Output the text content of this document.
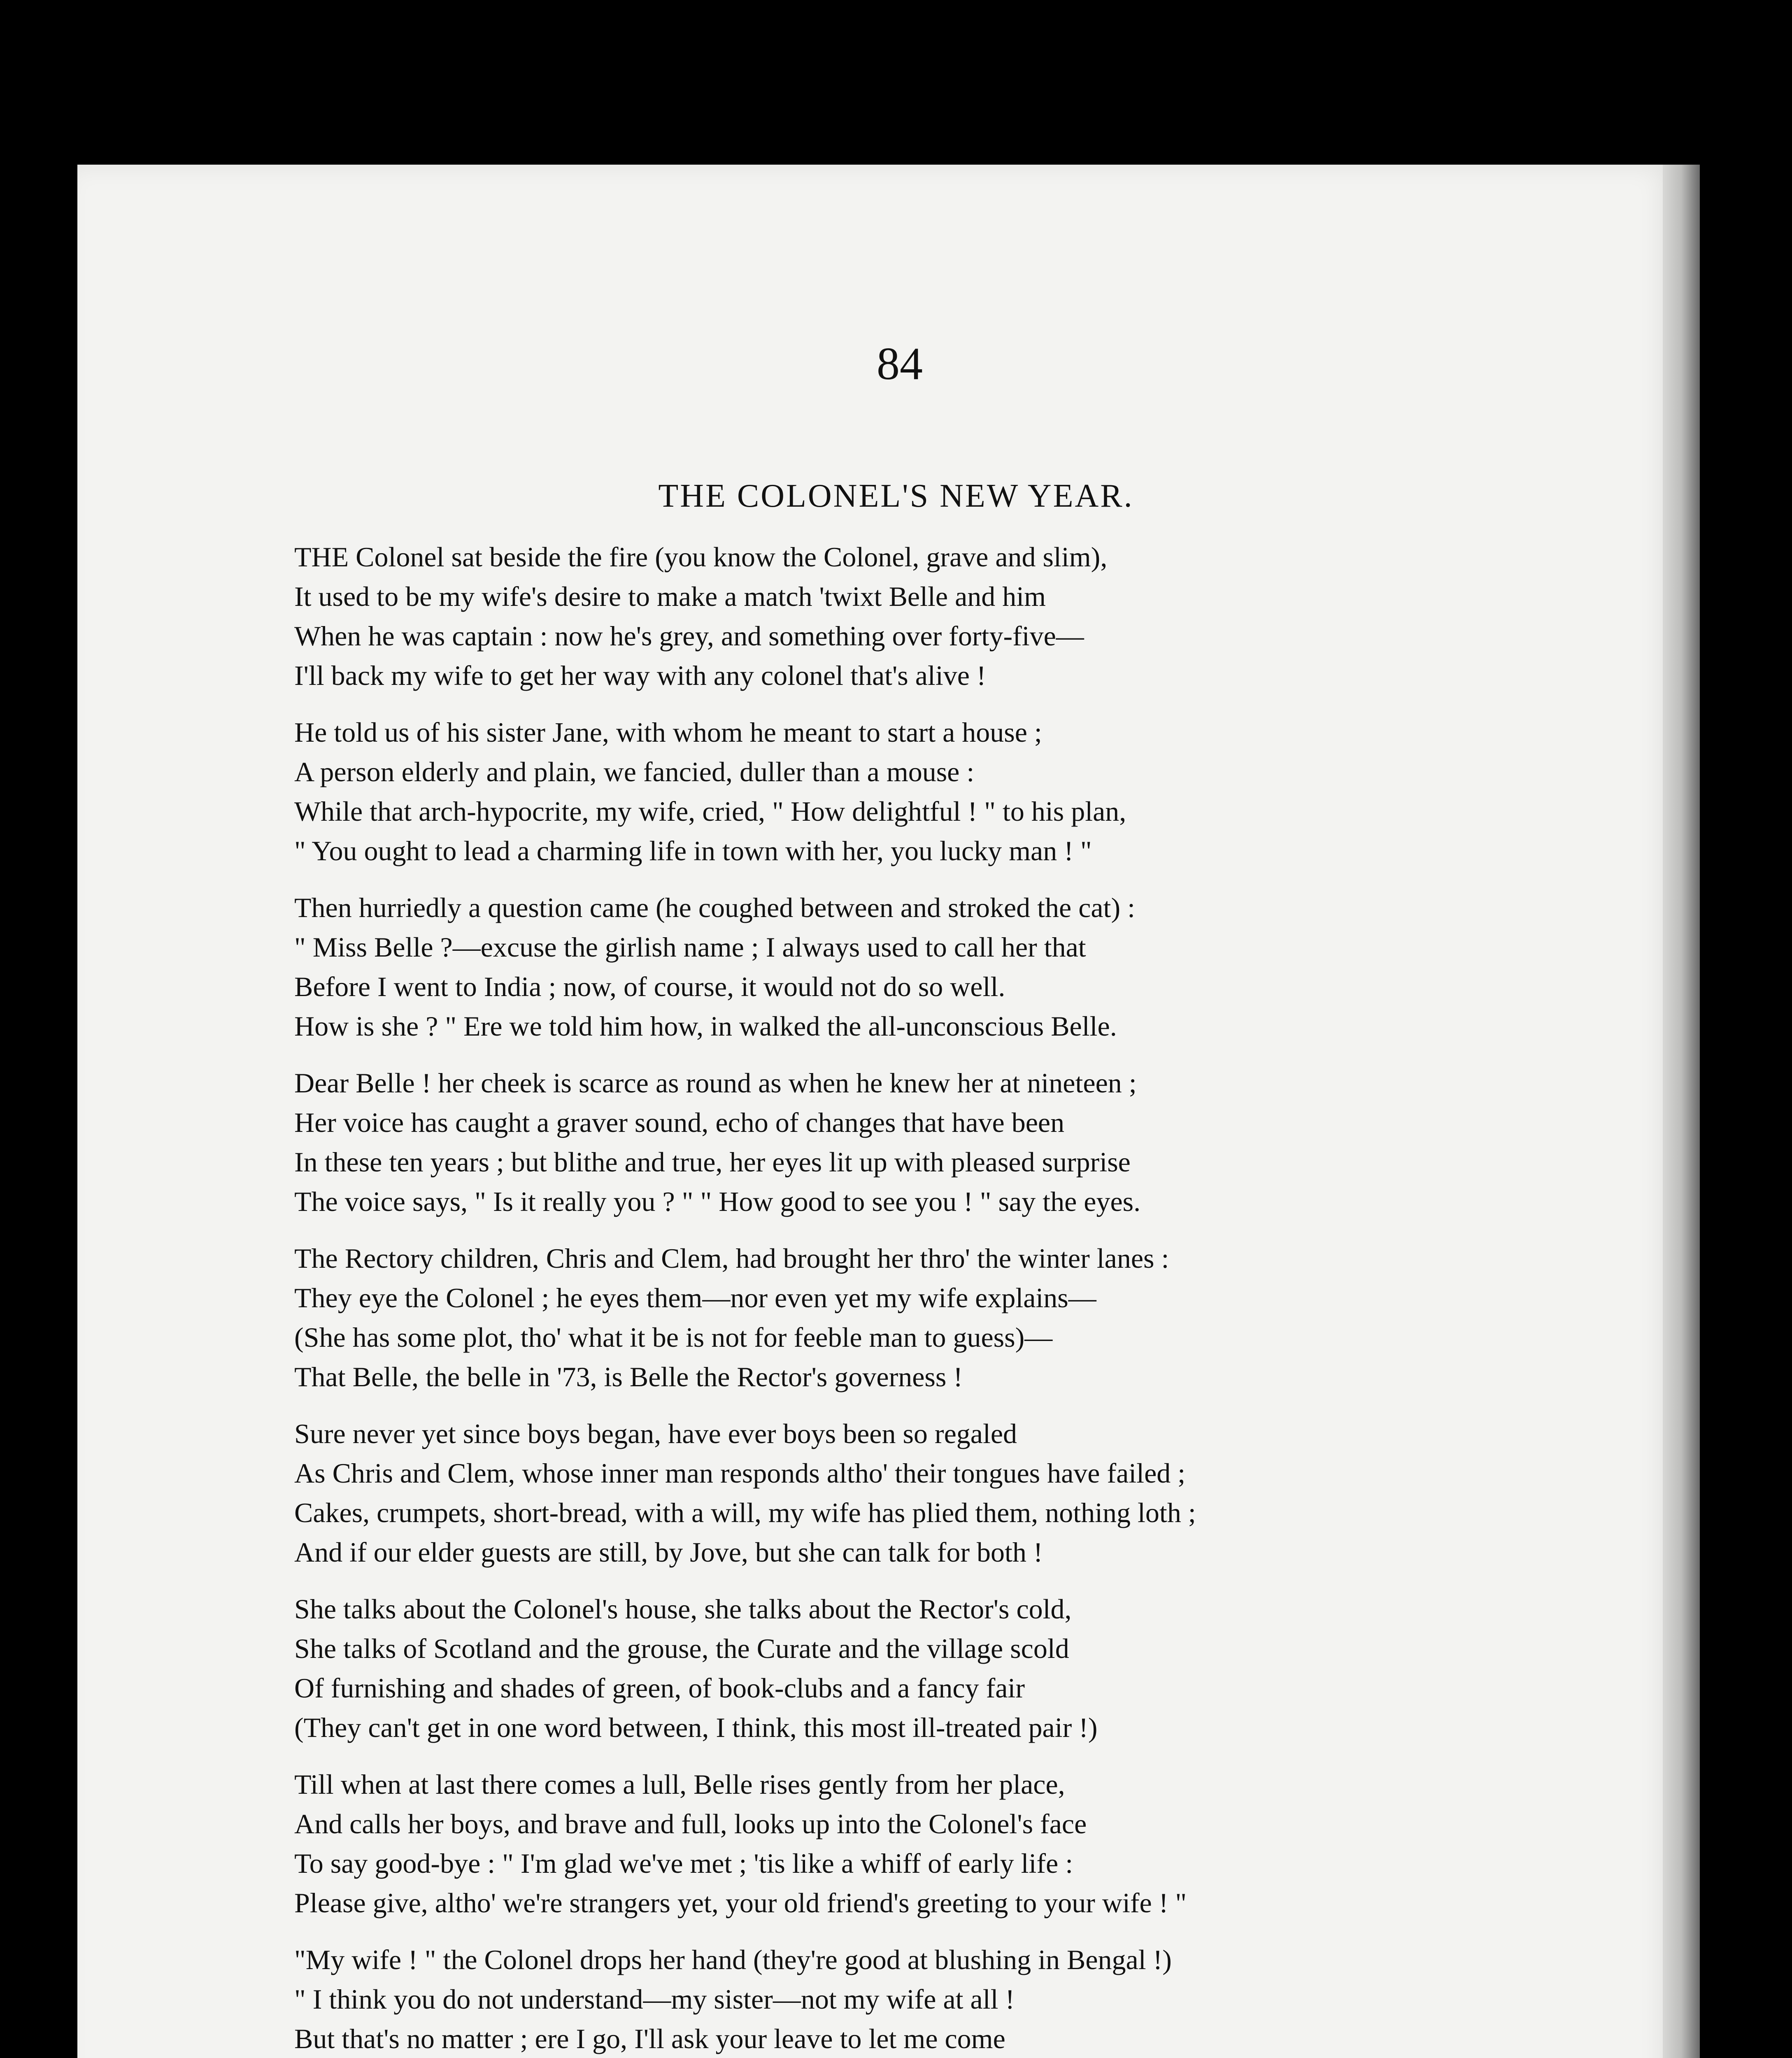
84
THE COLONEL'S NEW YEAR.
THE Colonel sat beside the fire (you know the Colonel, grave and slim),
It used to be my wife's desire to make a match 'twixt Belle and him
When he was captain : now he's grey, and something over forty-five—
I'll back my wife to get her way with any colonel that's alive !
He told us of his sister Jane, with whom he meant to start a house ;
A person elderly and plain, we fancied, duller than a mouse :
While that arch-hypocrite, my wife, cried, " How delightful ! " to his plan,
" You ought to lead a charming life in town with her, you lucky man ! "
Then hurriedly a question came (he coughed between and stroked the cat) :
" Miss Belle ?—excuse the girlish name ; I always used to call her that
Before I went to India ; now, of course, it would not do so well.
How is she ? " Ere we told him how, in walked the all-unconscious Belle.
Dear Belle ! her cheek is scarce as round as when he knew her at nineteen ;
Her voice has caught a graver sound, echo of changes that have been
In these ten years ; but blithe and true, her eyes lit up with pleased surprise
The voice says, " Is it really you ? " " How good to see you ! " say the eyes.
The Rectory children, Chris and Clem, had brought her thro' the winter lanes :
They eye the Colonel ; he eyes them—nor even yet my wife explains—
(She has some plot, tho' what it be is not for feeble man to guess)—
That Belle, the belle in '73, is Belle the Rector's governess !
Sure never yet since boys began, have ever boys been so regaled
As Chris and Clem, whose inner man responds altho' their tongues have failed ;
Cakes, crumpets, short-bread, with a will, my wife has plied them, nothing loth ;
And if our elder guests are still, by Jove, but she can talk for both !
She talks about the Colonel's house, she talks about the Rector's cold,
She talks of Scotland and the grouse, the Curate and the village scold
Of furnishing and shades of green, of book-clubs and a fancy fair
(They can't get in one word between, I think, this most ill-treated pair !)
Till when at last there comes a lull, Belle rises gently from her place,
And calls her boys, and brave and full, looks up into the Colonel's face
To say good-bye : " I'm glad we've met ; 'tis like a whiff of early life :
Please give, altho' we're strangers yet, your old friend's greeting to your wife ! "
"My wife ! " the Colonel drops her hand (they're good at blushing in Bengal !)
" I think you do not understand—my sister—not my wife at all !
But that's no matter ; ere I go, I'll ask your leave to let me come
